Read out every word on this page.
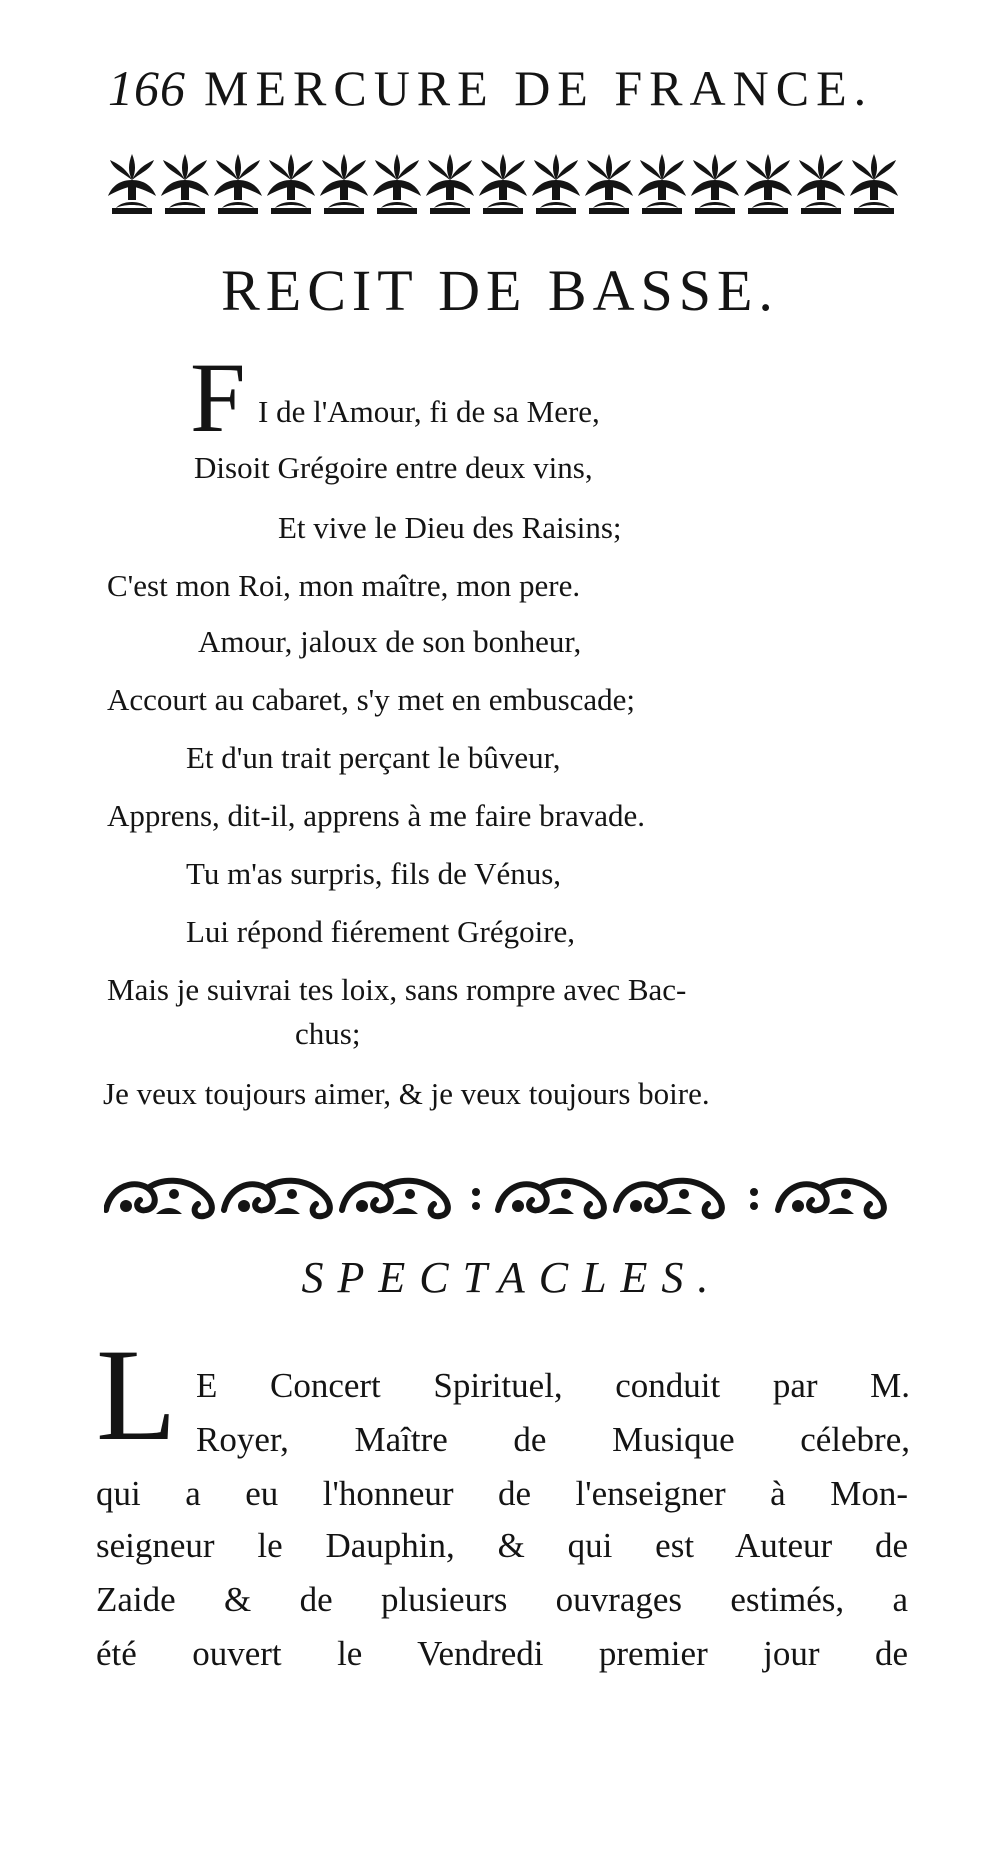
166 MERCURE DE FRANCE.
RECIT DE BASSE.
F I de l'Amour, fi de sa Mere,
Disoit Grégoire entre deux vins,
Et vive le Dieu des Raisins;
C'est mon Roi, mon maître, mon pere.
Amour, jaloux de son bonheur,
Accourt au cabaret, s'y met en embuscade;
Et d'un trait perçant le bûveur,
Apprens, dit-il, apprens à me faire bravade.
Tu m'as surpris, fils de Vénus,
Lui répond fiérement Grégoire,
Mais je suivrai tes loix, sans rompre avec Bac-
chus;
Je veux toujours aimer, & je veux toujours boire.
SPECTACLES.
L E Concert Spirituel, conduit par M.
Royer, Maître de Musique célebre,
qui a eu l'honneur de l'enseigner à Mon-
seigneur le Dauphin, & qui est Auteur de
Zaide & de plusieurs ouvrages estimés, a
été ouvert le Vendredi premier jour de
